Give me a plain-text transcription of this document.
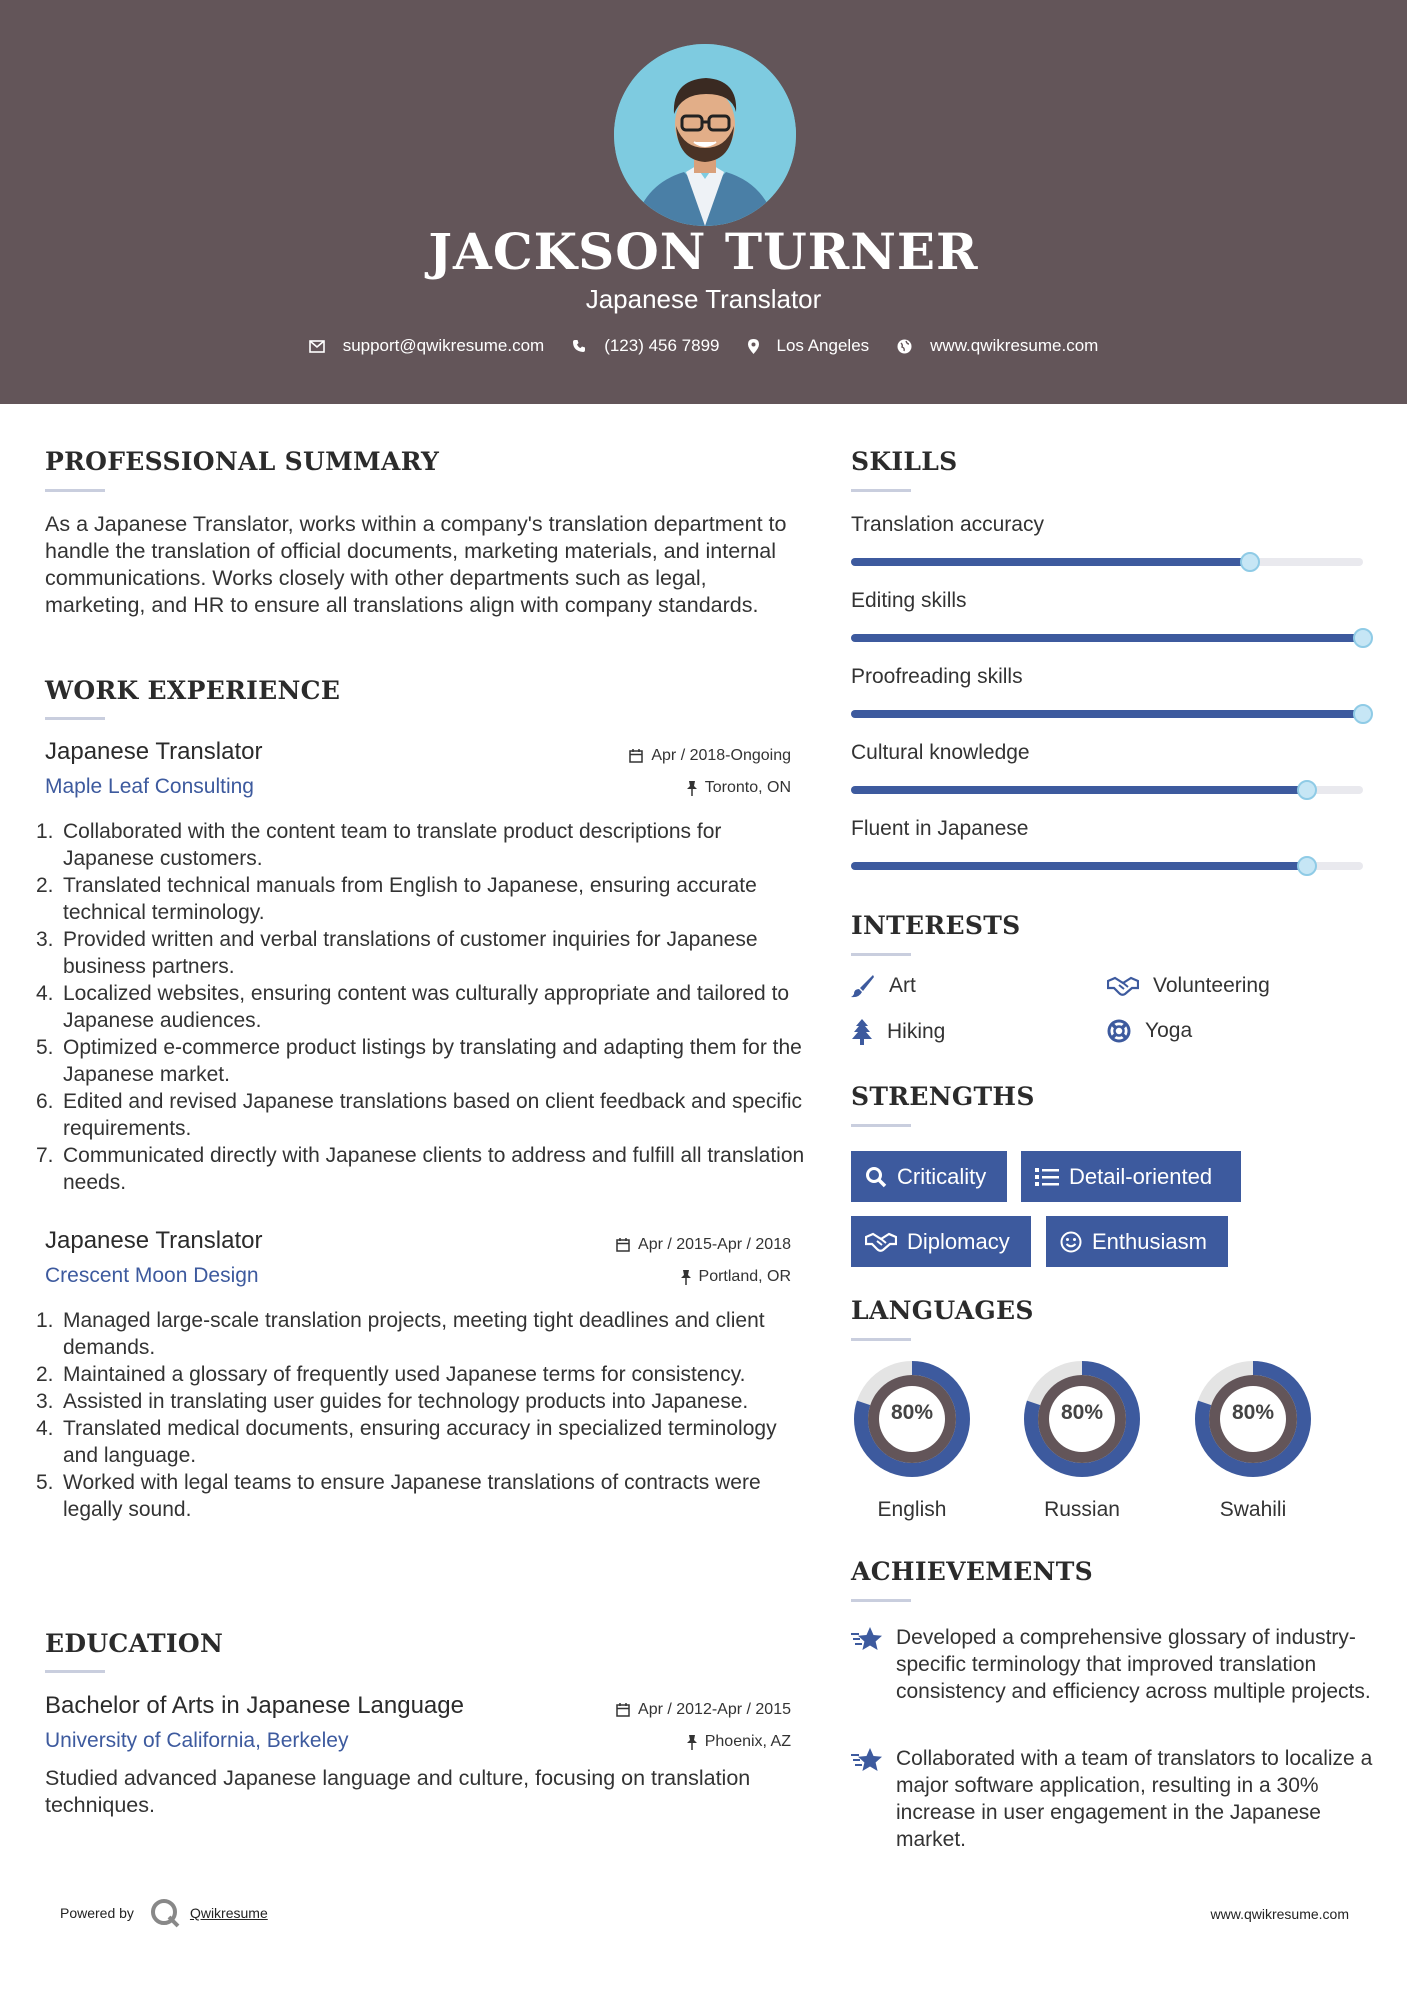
JACKSON TURNER
Japanese Translator
support@qwikresume.com	(123) 456 7899	Los Angeles	www.qwikresume.com
PROFESSIONAL SUMMARY
As a Japanese Translator, works within a company's translation department to handle the translation of official documents, marketing materials, and internal communications. Works closely with other departments such as legal, marketing, and HR to ensure all translations align with company standards.
WORK EXPERIENCE
Japanese Translator
Maple Leaf Consulting
Apr / 2018-Ongoing
Toronto, ON
1. Collaborated with the content team to translate product descriptions for Japanese customers.
2. Translated technical manuals from English to Japanese, ensuring accurate technical terminology.
3. Provided written and verbal translations of customer inquiries for Japanese business partners.
4. Localized websites, ensuring content was culturally appropriate and tailored to Japanese audiences.
5. Optimized e-commerce product listings by translating and adapting them for the Japanese market.
6. Edited and revised Japanese translations based on client feedback and specific requirements.
7. Communicated directly with Japanese clients to address and fulfill all translation needs.
Japanese Translator
Crescent Moon Design
Apr / 2015-Apr / 2018
Portland, OR
1. Managed large-scale translation projects, meeting tight deadlines and client demands.
2. Maintained a glossary of frequently used Japanese terms for consistency.
3. Assisted in translating user guides for technology products into Japanese.
4. Translated medical documents, ensuring accuracy in specialized terminology and language.
5. Worked with legal teams to ensure Japanese translations of contracts were legally sound.
EDUCATION
Bachelor of Arts in Japanese Language
University of California, Berkeley
Apr / 2012-Apr / 2015
Phoenix, AZ
Studied advanced Japanese language and culture, focusing on translation techniques.
SKILLS
Translation accuracy
Editing skills
Proofreading skills
Cultural knowledge
Fluent in Japanese
INTERESTS
Art	Volunteering
Hiking	Yoga
STRENGTHS
Criticality	Detail-oriented
Diplomacy	Enthusiasm
LANGUAGES
80%
English
80%
Russian
80%
Swahili
ACHIEVEMENTS
Developed a comprehensive glossary of industry-specific terminology that improved translation consistency and efficiency across multiple projects.
Collaborated with a team of translators to localize a major software application, resulting in a 30% increase in user engagement in the Japanese market.
Powered by	Qwikresume	www.qwikresume.com
